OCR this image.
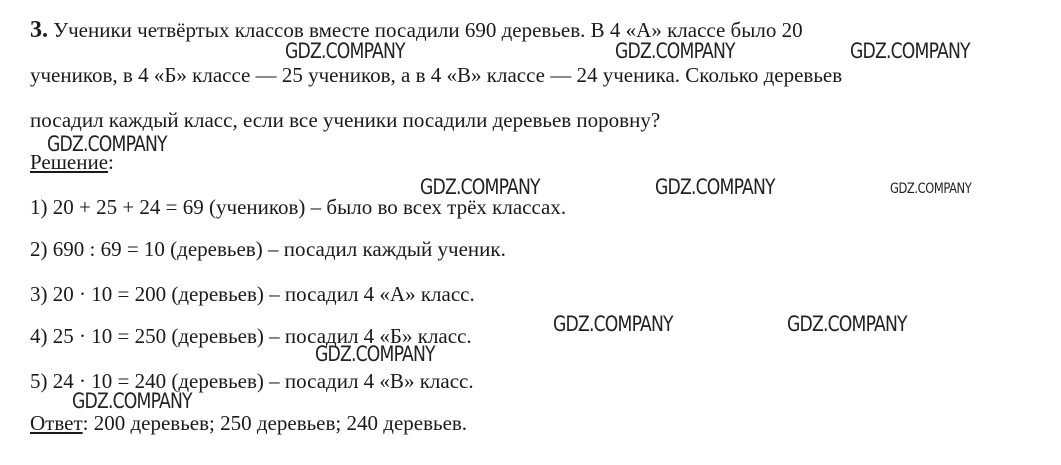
3. Ученики четвёртых классов вместе посадили 690 деревьев. В 4 «А» классе было 20
учеников, в 4 «Б» классе — 25 учеников, а в 4 «В» классе — 24 ученика. Сколько деревьев
посадил каждый класс, если все ученики посадили деревьев поровну?
Решение:
1) 20 + 25 + 24 = 69 (учеников) – было во всех трёх классах.
2) 690 : 69 = 10 (деревьев) – посадил каждый ученик.
3) 20 · 10 = 200 (деревьев) – посадил 4 «А» класс.
4) 25 · 10 = 250 (деревьев) – посадил 4 «Б» класс.
5) 24 · 10 = 240 (деревьев) – посадил 4 «В» класс.
Ответ: 200 деревьев; 250 деревьев; 240 деревьев.
GDZ.COMPANY	GDZ.COMPANY	GDZ.COMPANY
GDZ.COMPANY
GDZ.COMPANY	GDZ.COMPANY	GDZ.COMPANY
GDZ.COMPANY	GDZ.COMPANY
GDZ.COMPANY
GDZ.COMPANY
